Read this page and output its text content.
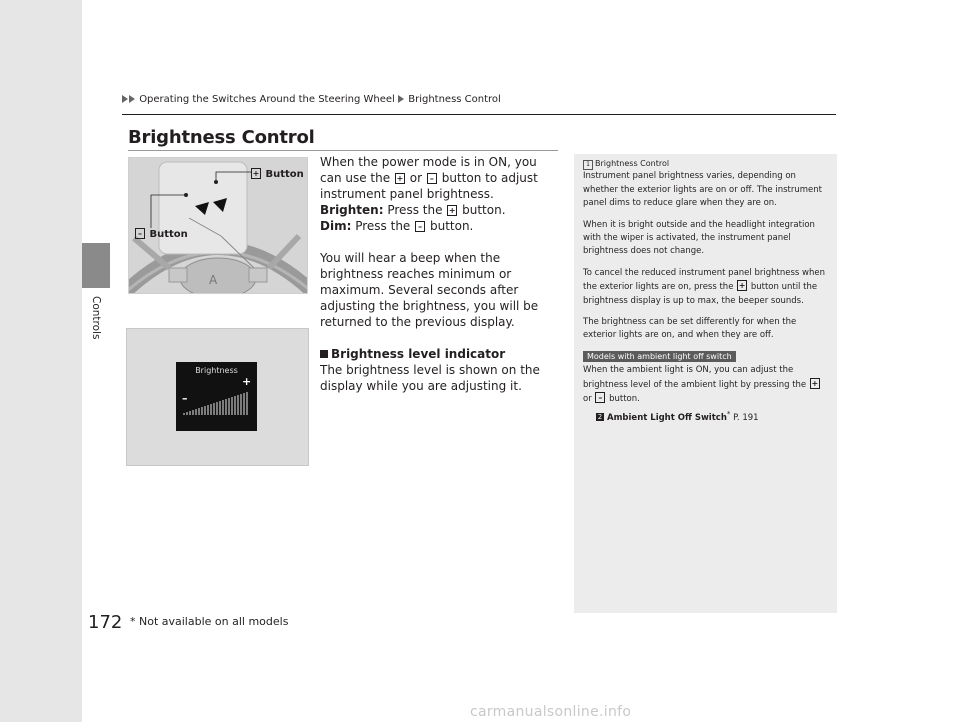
Controls
Operating the Switches Around the Steering Wheel Brightness Control
Brightness Control
A
+ Button
– Button
Brightness
–
+

When the power mode is in ON, you can use the + or – button to adjust instrument panel brightness.

Brighten: Press the + button.

Dim: Press the – button.

You will hear a beep when the brightness reaches minimum or maximum. Several seconds after adjusting the brightness, you will be returned to the previous display.

Brightness level indicator

The brightness level is shown on the display while you are adjusting it.

1 Brightness Control

Instrument panel brightness varies, depending on whether the exterior lights are on or off. The instrument panel dims to reduce glare when they are on.

When it is bright outside and the headlight integration with the wiper is activated, the instrument panel brightness does not change.

To cancel the reduced instrument panel brightness when the exterior lights are on, press the + button until the brightness display is up to max, the beeper sounds.

The brightness can be set differently for when the exterior lights are on, and when they are off.

Models with ambient light off switch

When the ambient light is ON, you can adjust the brightness level of the ambient light by pressing the + or – button.

2 Ambient Light Off Switch* P. 191

172 * Not available on all models
carmanualsonline.info
